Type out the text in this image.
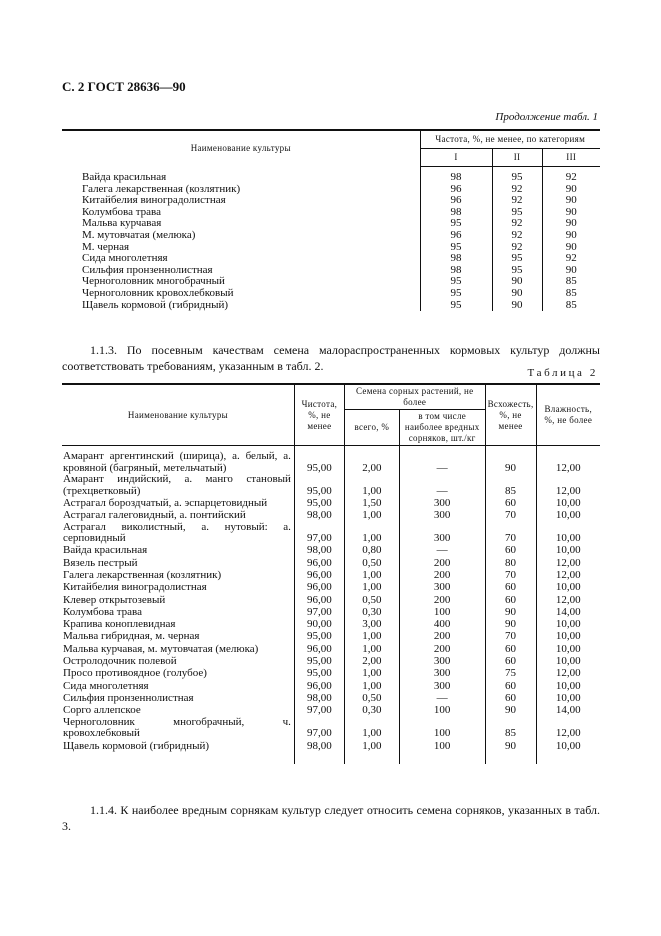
С. 2 ГОСТ 28636—90
Продолжение табл. 1
Наименование культуры	Частота, %, не менее, по категориям		
	I	II	III
Вайда красильная	98	95	92
Галега лекарственная (козлятник)	96	92	90
Китайбелия виноградолистная	96	92	90
Колумбова трава	98	95	90
Мальва курчавая	95	92	90
М. мутовчатая (мелюка)	96	92	90
М. черная	95	92	90
Сида многолетняя	98	95	92
Сильфия пронзеннолистная	98	95	90
Черноголовник многобрачный	95	90	85
Черноголовник кровохлебковый	95	90	85
Щавель кормовой (гибридный)	95	90	85

1.1.3. По посевным качествам семена малораспространенных кормовых культур должны соответствовать требованиям, указанным в табл. 2.	Таблица 2
Наименование культуры	Чистота, %, не менее	Семена сорных растений, не более		Всхожесть, %, не менее	Влажность, %, не более
		всего, %	в том числе наиболее вредных сорняков, шт./кг		
Амарант аргентинский (ширица), а. белый, а. кровяной (багряный, метельчатый)	95,00	2,00	—	90	12,00
Амарант индийский, а. манго становый (трехцветковый)	95,00	1,00	—	85	12,00
Астрагал бороздчатый, а. эспарцетовидный	95,00	1,50	300	60	10,00
Астрагал галеговидный, а. понтийский	98,00	1,00	300	70	10,00
Астрагал виколистный, а. нутовый: а. серповидный	97,00	1,00	300	70	10,00
Вайда красильная	98,00	0,80	—	60	10,00
Вязель пестрый	96,00	0,50	200	80	12,00
Галега лекарственная (козлятник)	96,00	1,00	200	70	12,00
Китайбелия виноградолистная	96,00	1,00	300	60	10,00
Клевер открытозевый	96,00	0,50	200	60	12,00
Колумбова трава	97,00	0,30	100	90	14,00
Крапива коноплевидная	90,00	3,00	400	90	10,00
Мальва гибридная, м. черная	95,00	1,00	200	70	10,00
Мальва курчавая, м. мутовчатая (мелюка)	96,00	1,00	200	60	10,00
Остролодочник полевой	95,00	2,00	300	60	10,00
Просо противоядное (голубое)	95,00	1,00	300	75	12,00
Сида многолетняя	96,00	1,00	300	60	10,00
Сильфия пронзеннолистная	98,00	0,50	—	60	10,00
Сорго аллепское	97,00	0,30	100	90	14,00
Черноголовник многобрачный, ч. кровохлебковый	97,00	1,00	100	85	12,00
Щавель кормовой (гибридный)	98,00	1,00	100	90	10,00

1.1.4. К наиболее вредным сорнякам культур следует относить семена сорняков, указанных в табл. 3.
